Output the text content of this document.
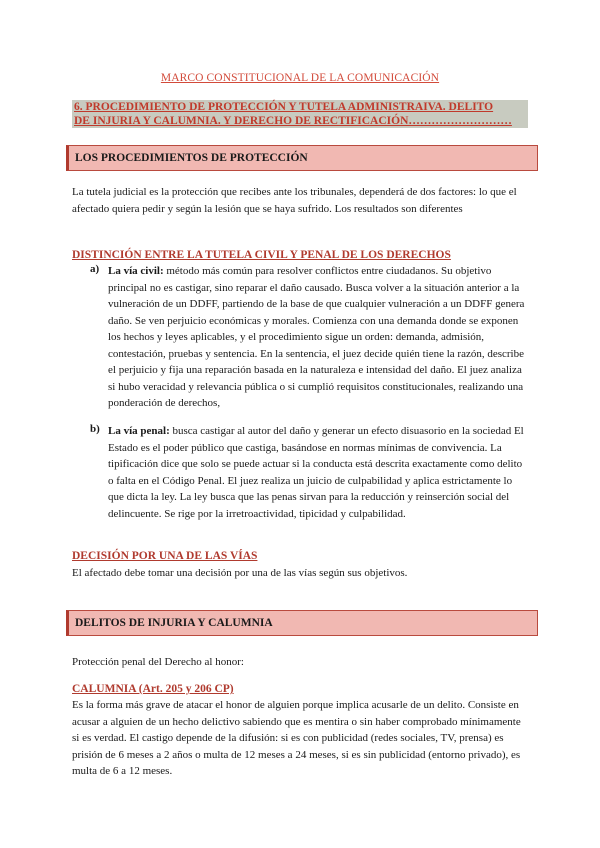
MARCO CONSTITUCIONAL DE LA COMUNICACIÓN
6. PROCEDIMIENTO DE PROTECCIÓN Y TUTELA ADMINISTRAIVA. DELITO
DE INJURIA Y CALUMNIA. Y DERECHO DE RECTIFICACIÓN………………………
LOS PROCEDIMIENTOS DE PROTECCIÓN
La tutela judicial es la protección que recibes ante los tribunales, dependerá de dos factores: lo que el afectado quiera pedir y según la lesión que se haya sufrido. Los resultados son diferentes
DISTINCIÓN ENTRE LA TUTELA CIVIL Y PENAL DE LOS DERECHOS
a) La vía civil: método más común para resolver conflictos entre ciudadanos. Su objetivo principal no es castigar, sino reparar el daño causado. Busca volver a la situación anterior a la vulneración de un DDFF, partiendo de la base de que cualquier vulneración a un DDFF genera daño. Se ven perjuicio económicas y morales. Comienza con una demanda donde se exponen los hechos y leyes aplicables, y el procedimiento sigue un orden: demanda, admisión, contestación, pruebas y sentencia. En la sentencia, el juez decide quién tiene la razón, describe el perjuicio y fija una reparación basada en la naturaleza e intensidad del daño. El juez analiza si hubo veracidad y relevancia pública o si cumplió requisitos constitucionales, realizando una ponderación de derechos,
b) La vía penal: busca castigar al autor del daño y generar un efecto disuasorio en la sociedad El Estado es el poder público que castiga, basándose en normas mínimas de convivencia. La tipificación dice que solo se puede actuar si la conducta está descrita exactamente como delito o falta en el Código Penal. El juez realiza un juicio de culpabilidad y aplica estrictamente lo que dicta la ley. La ley busca que las penas sirvan para la reducción y reinserción social del delincuente. Se rige por la irretroactividad, tipicidad y culpabilidad.
DECISIÓN POR UNA DE LAS VÍAS
El afectado debe tomar una decisión por una de las vías según sus objetivos.
DELITOS DE INJURIA Y CALUMNIA
Protección penal del Derecho al honor:
CALUMNIA (Art. 205 y 206 CP)
Es la forma más grave de atacar el honor de alguien porque implica acusarle de un delito. Consiste en acusar a alguien de un hecho delictivo sabiendo que es mentira o sin haber comprobado mínimamente si es verdad. El castigo depende de la difusión: si es con publicidad (redes sociales, TV, prensa) es prisión de 6 meses a 2 años o multa de 12 meses a 24 meses, si es sin publicidad (entorno privado), es multa de 6 a 12 meses.
